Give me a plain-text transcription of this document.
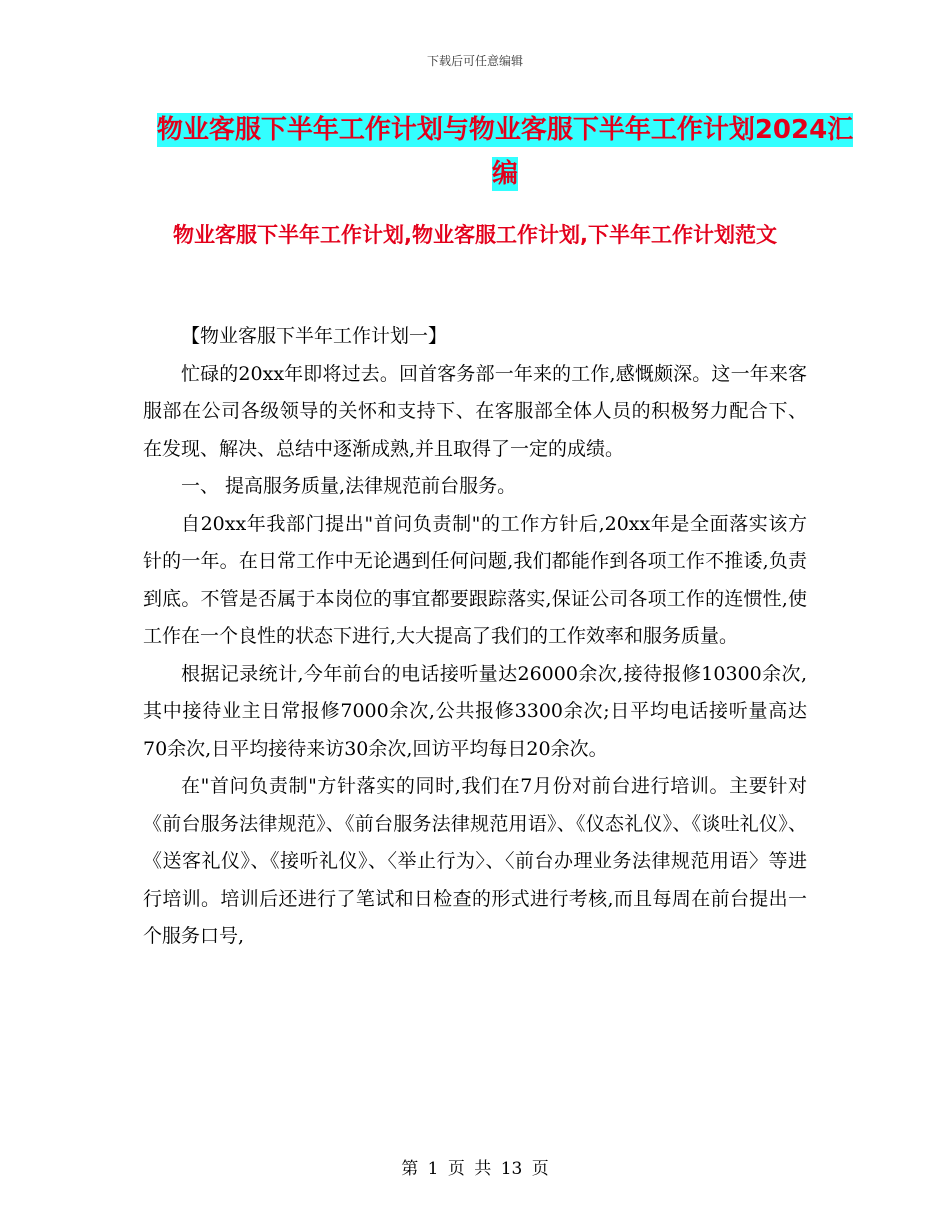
下载后可任意编辑
物业客服下半年工作计划与物业客服下半年工作计划2024汇编
物业客服下半年工作计划,物业客服工作计划,下半年工作计划范文

【物业客服下半年工作计划一】

忙碌的20xx年即将过去。回首客务部一年来的工作,感慨颇深。这一年来客服部在公司各级领导的关怀和支持下、在客服部全体人员的积极努力配合下、在发现、解决、总结中逐渐成熟,并且取得了一定的成绩。

一、 提高服务质量,法律规范前台服务。

自20xx年我部门提出"首问负责制"的工作方针后,20xx年是全面落实该方针的一年。在日常工作中无论遇到任何问题,我们都能作到各项工作不推诿,负责到底。不管是否属于本岗位的事宜都要跟踪落实,保证公司各项工作的连惯性,使工作在一个良性的状态下进行,大大提高了我们的工作效率和服务质量。

根据记录统计,今年前台的电话接听量达26000余次,接待报修10300余次,其中接待业主日常报修7000余次,公共报修3300余次;日平均电话接听量高达70余次,日平均接待来访30余次,回访平均每日20余次。

在"首问负责制"方针落实的同时,我们在7月份对前台进行培训。主要针对《前台服务法律规范》、《前台服务法律规范用语》、《仪态礼仪》、《谈吐礼仪》、《送客礼仪》、《接听礼仪》、〈举止行为〉、〈前台办理业务法律规范用语〉等进行培训。培训后还进行了笔试和日检查的形式进行考核,而且每周在前台提出一个服务口号,

第 1 页 共 13 页
